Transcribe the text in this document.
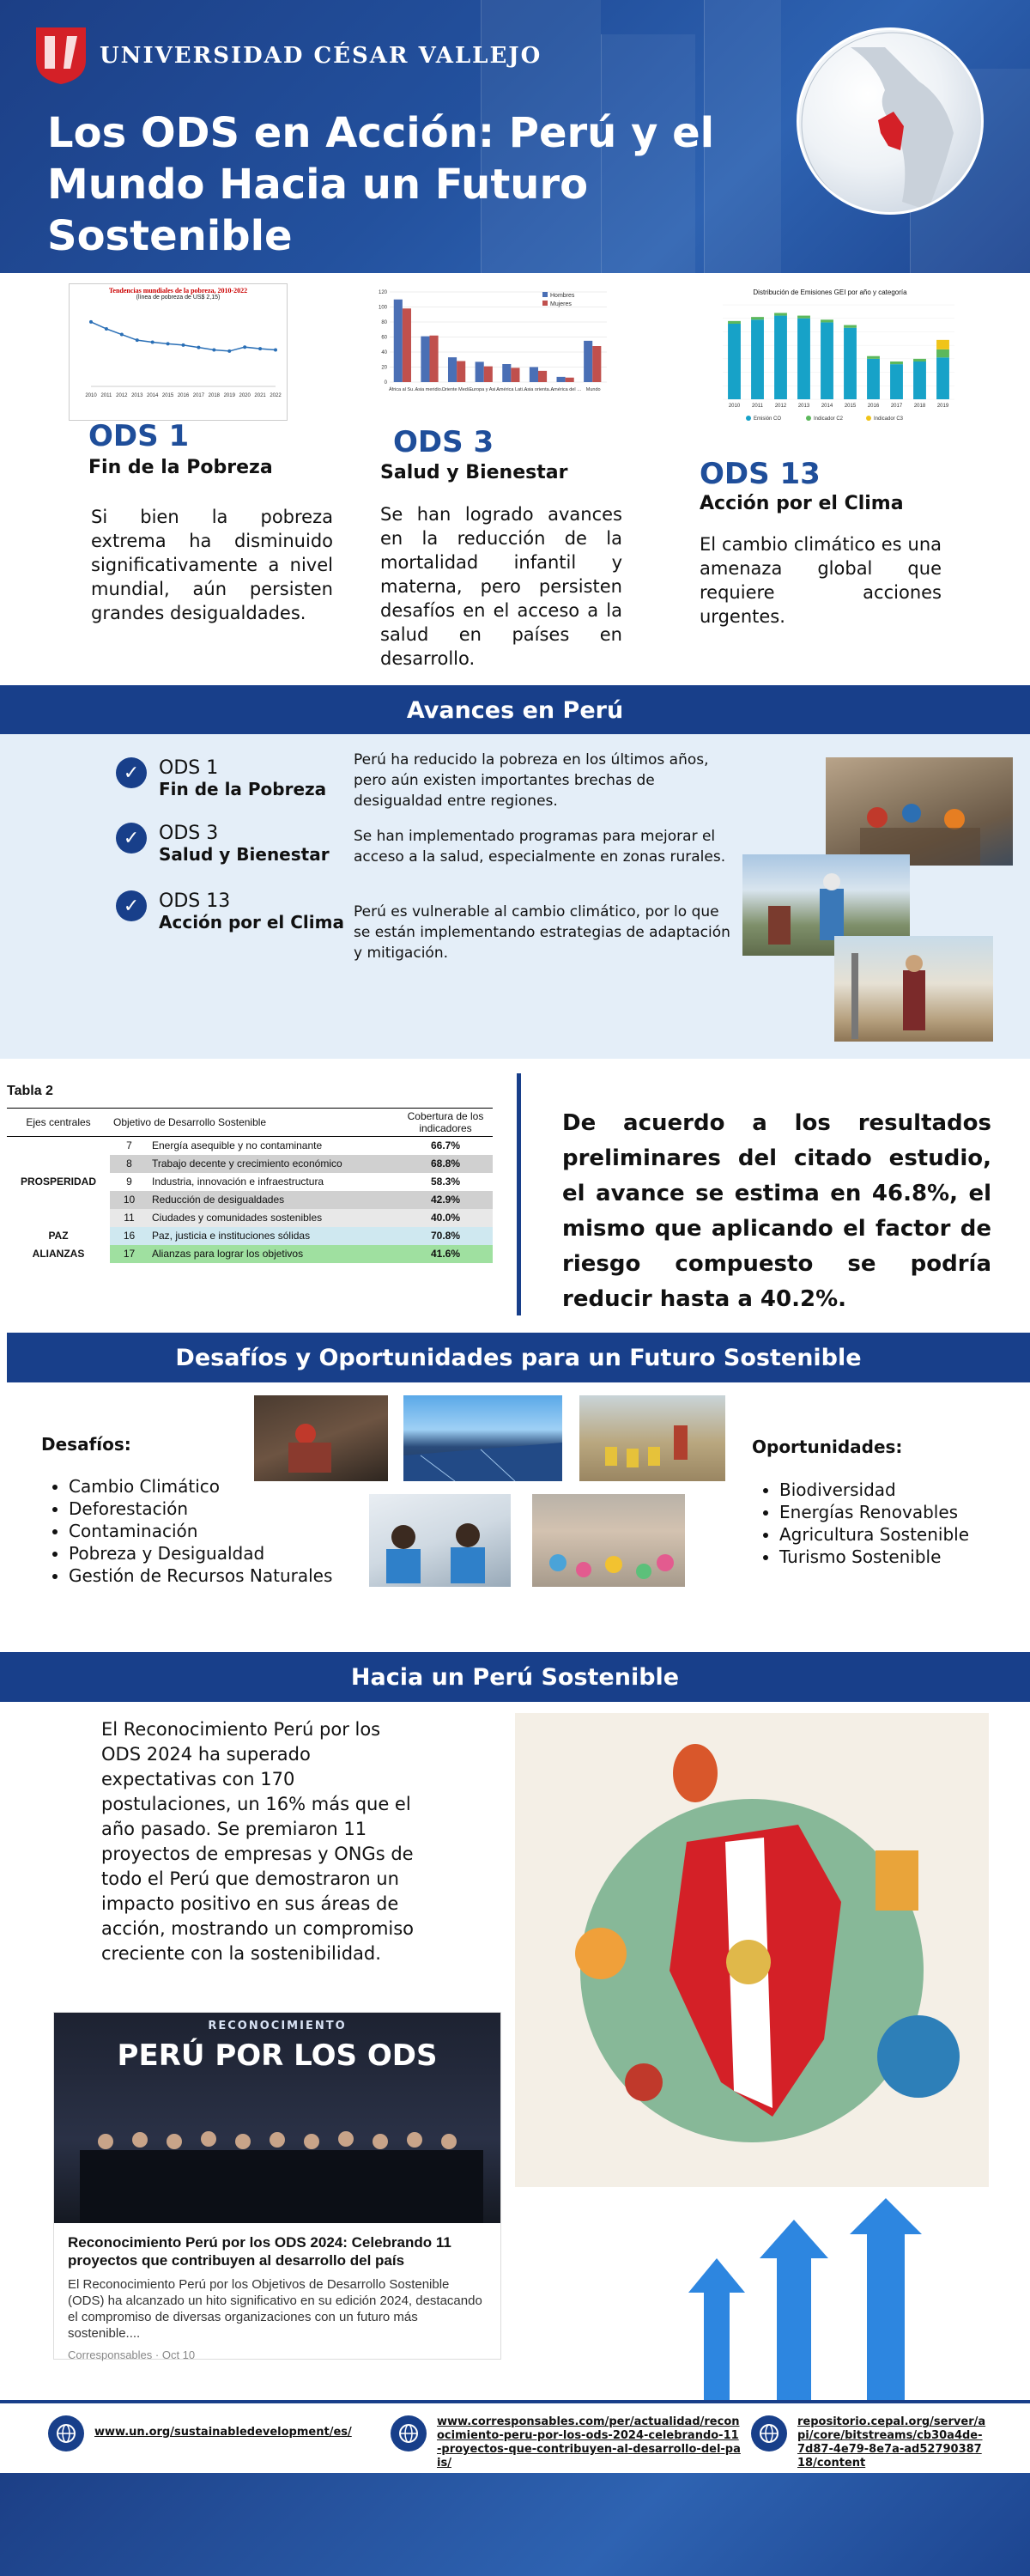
UNIVERSIDAD CÉSAR VALLEJO
Los ODS en Acción: Perú y el
Mundo Hacia un Futuro Sostenible
Tendencias mundiales de la pobreza, 2010-2022
(línea de pobreza de US$ 2,15)
2010 2011 2012 2013 2014 2015 2016 2017 2018 2019 2020 2021 2022
ODS 1
Fin de la Pobreza
Si bien la pobreza extrema ha disminuido significativamente a nivel mundial, aún persisten grandes desigualdades.
0
20
40
60
80
100
120
África al Su…
Asia meridio…
Oriente Medi…
Europa y Asi…
América Lati…
Asia orienta…
América del … Mundo
Hombres
Mujeres
ODS 3
Salud y Bienestar
Se han logrado avances en la reducción de la mortalidad infantil y materna, pero persisten desafíos en el acceso a la salud en países en desarrollo.
Distribución de Emisiones GEI por año y categoría
2010 2011 2012 2013 2014 2015 2016 2017 2018 2019
Emisión CO	Indicador C2	Indicador C3
ODS 13
Acción por el Clima
El cambio climático es una amenaza global que requiere acciones urgentes.
Avances en Perú
✓	ODS 1
Fin de la Pobreza
✓	ODS 3
Salud y Bienestar
✓	ODS 13
Acción por el Clima
Perú ha reducido la pobreza en los últimos años, pero aún existen importantes brechas de desigualdad entre regiones.
Se han implementado programas para mejorar el acceso a la salud, especialmente en zonas rurales.
Perú es vulnerable al cambio climático, por lo que se están implementando estrategias de adaptación y mitigación.
Tabla 2
Ejes centrales	Objetivo de Desarrollo Sostenible		Cobertura de los indicadores
	7	Energía asequible y no contaminante	66.7%
	8	Trabajo decente y crecimiento económico	68.8%
PROSPERIDAD	9	Industria, innovación e infraestructura	58.3%
	10	Reducción de desigualdades	42.9%
	11	Ciudades y comunidades sostenibles	40.0%
PAZ	16	Paz, justicia e instituciones sólidas	70.8%
ALIANZAS	17	Alianzas para lograr los objetivos	41.6%
De acuerdo a los resultados preliminares del citado estudio, el avance se estima en 46.8%, el mismo que aplicando el factor de riesgo compuesto se podría reducir hasta a 40.2%.
Desafíos y Oportunidades para un Futuro Sostenible
Desafíos:
• Cambio Climático
• Deforestación
• Contaminación
• Pobreza y Desigualdad
• Gestión de Recursos Naturales
Oportunidades:
• Biodiversidad
• Energías Renovables
• Agricultura Sostenible
• Turismo Sostenible
Hacia un Perú Sostenible
El Reconocimiento Perú por los ODS 2024 ha superado expectativas con 170 postulaciones, un 16% más que el año pasado. Se premiaron 11 proyectos de empresas y ONGs de todo el Perú que demostraron un impacto positivo en sus áreas de acción, mostrando un compromiso creciente con la sostenibilidad.
RECONOCIMIENTO
PERÚ POR LOS ODS
Reconocimiento Perú por los ODS 2024: Celebrando 11 proyectos que contribuyen al desarrollo del país
El Reconocimiento Perú por los Objetivos de Desarrollo Sostenible (ODS) ha alcanzado un hito significativo en su edición 2024, destacando el compromiso de diversas organizaciones con un futuro más sostenible....
Corresponsables · Oct 10
www.un.org/sustainabledevelopment/es/
www.corresponsables.com/per/actualidad/reconocimiento-peru-por-los-ods-2024-celebrando-11-proyectos-que-contribuyen-al-desarrollo-del-pais/
repositorio.cepal.org/server/api/core/bitstreams/cb30a4de-7d87-4e79-8e7a-ad52790387​18/content
